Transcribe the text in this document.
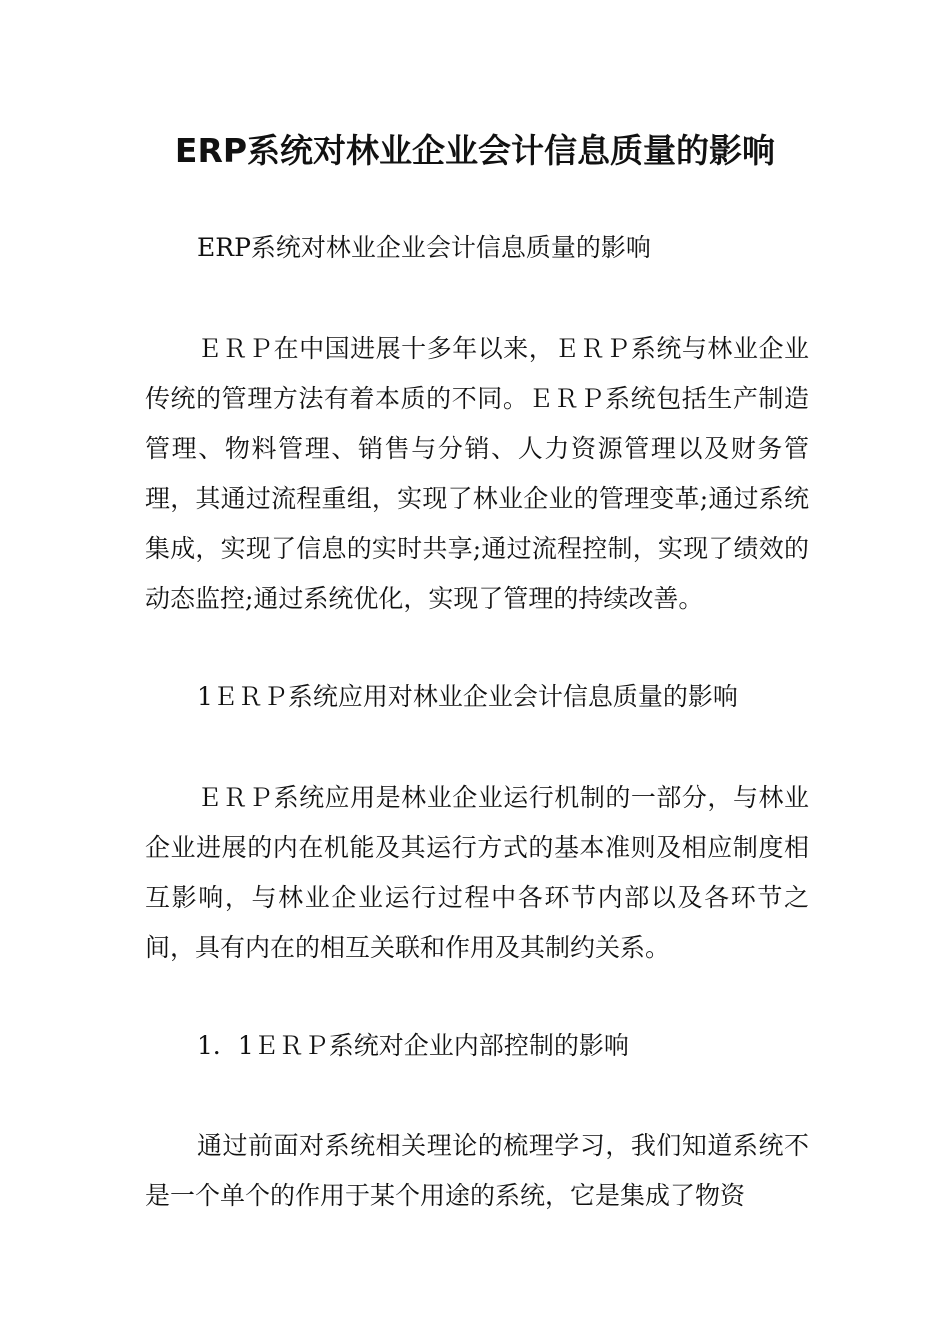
ERP系统对林业企业会计信息质量的影响

ERP系统对林业企业会计信息质量的影响

ＥＲＰ在中国进展十多年以来，ＥＲＰ系统与林业企业传统的管理方法有着本质的不同。ＥＲＰ系统包括生产制造管理、物料管理、销售与分销、人力资源管理以及财务管理，其通过流程重组，实现了林业企业的管理变革;通过系统集成，实现了信息的实时共享;通过流程控制，实现了绩效的动态监控;通过系统优化，实现了管理的持续改善。

1ＥＲＰ系统应用对林业企业会计信息质量的影响

ＥＲＰ系统应用是林业企业运行机制的一部分，与林业企业进展的内在机能及其运行方式的基本准则及相应制度相互影响，与林业企业运行过程中各环节内部以及各环节之间，具有内在的相互关联和作用及其制约关系。

1．1ＥＲＰ系统对企业内部控制的影响

通过前面对系统相关理论的梳理学习，我们知道系统不是一个单个的作用于某个用途的系统，它是集成了物资
